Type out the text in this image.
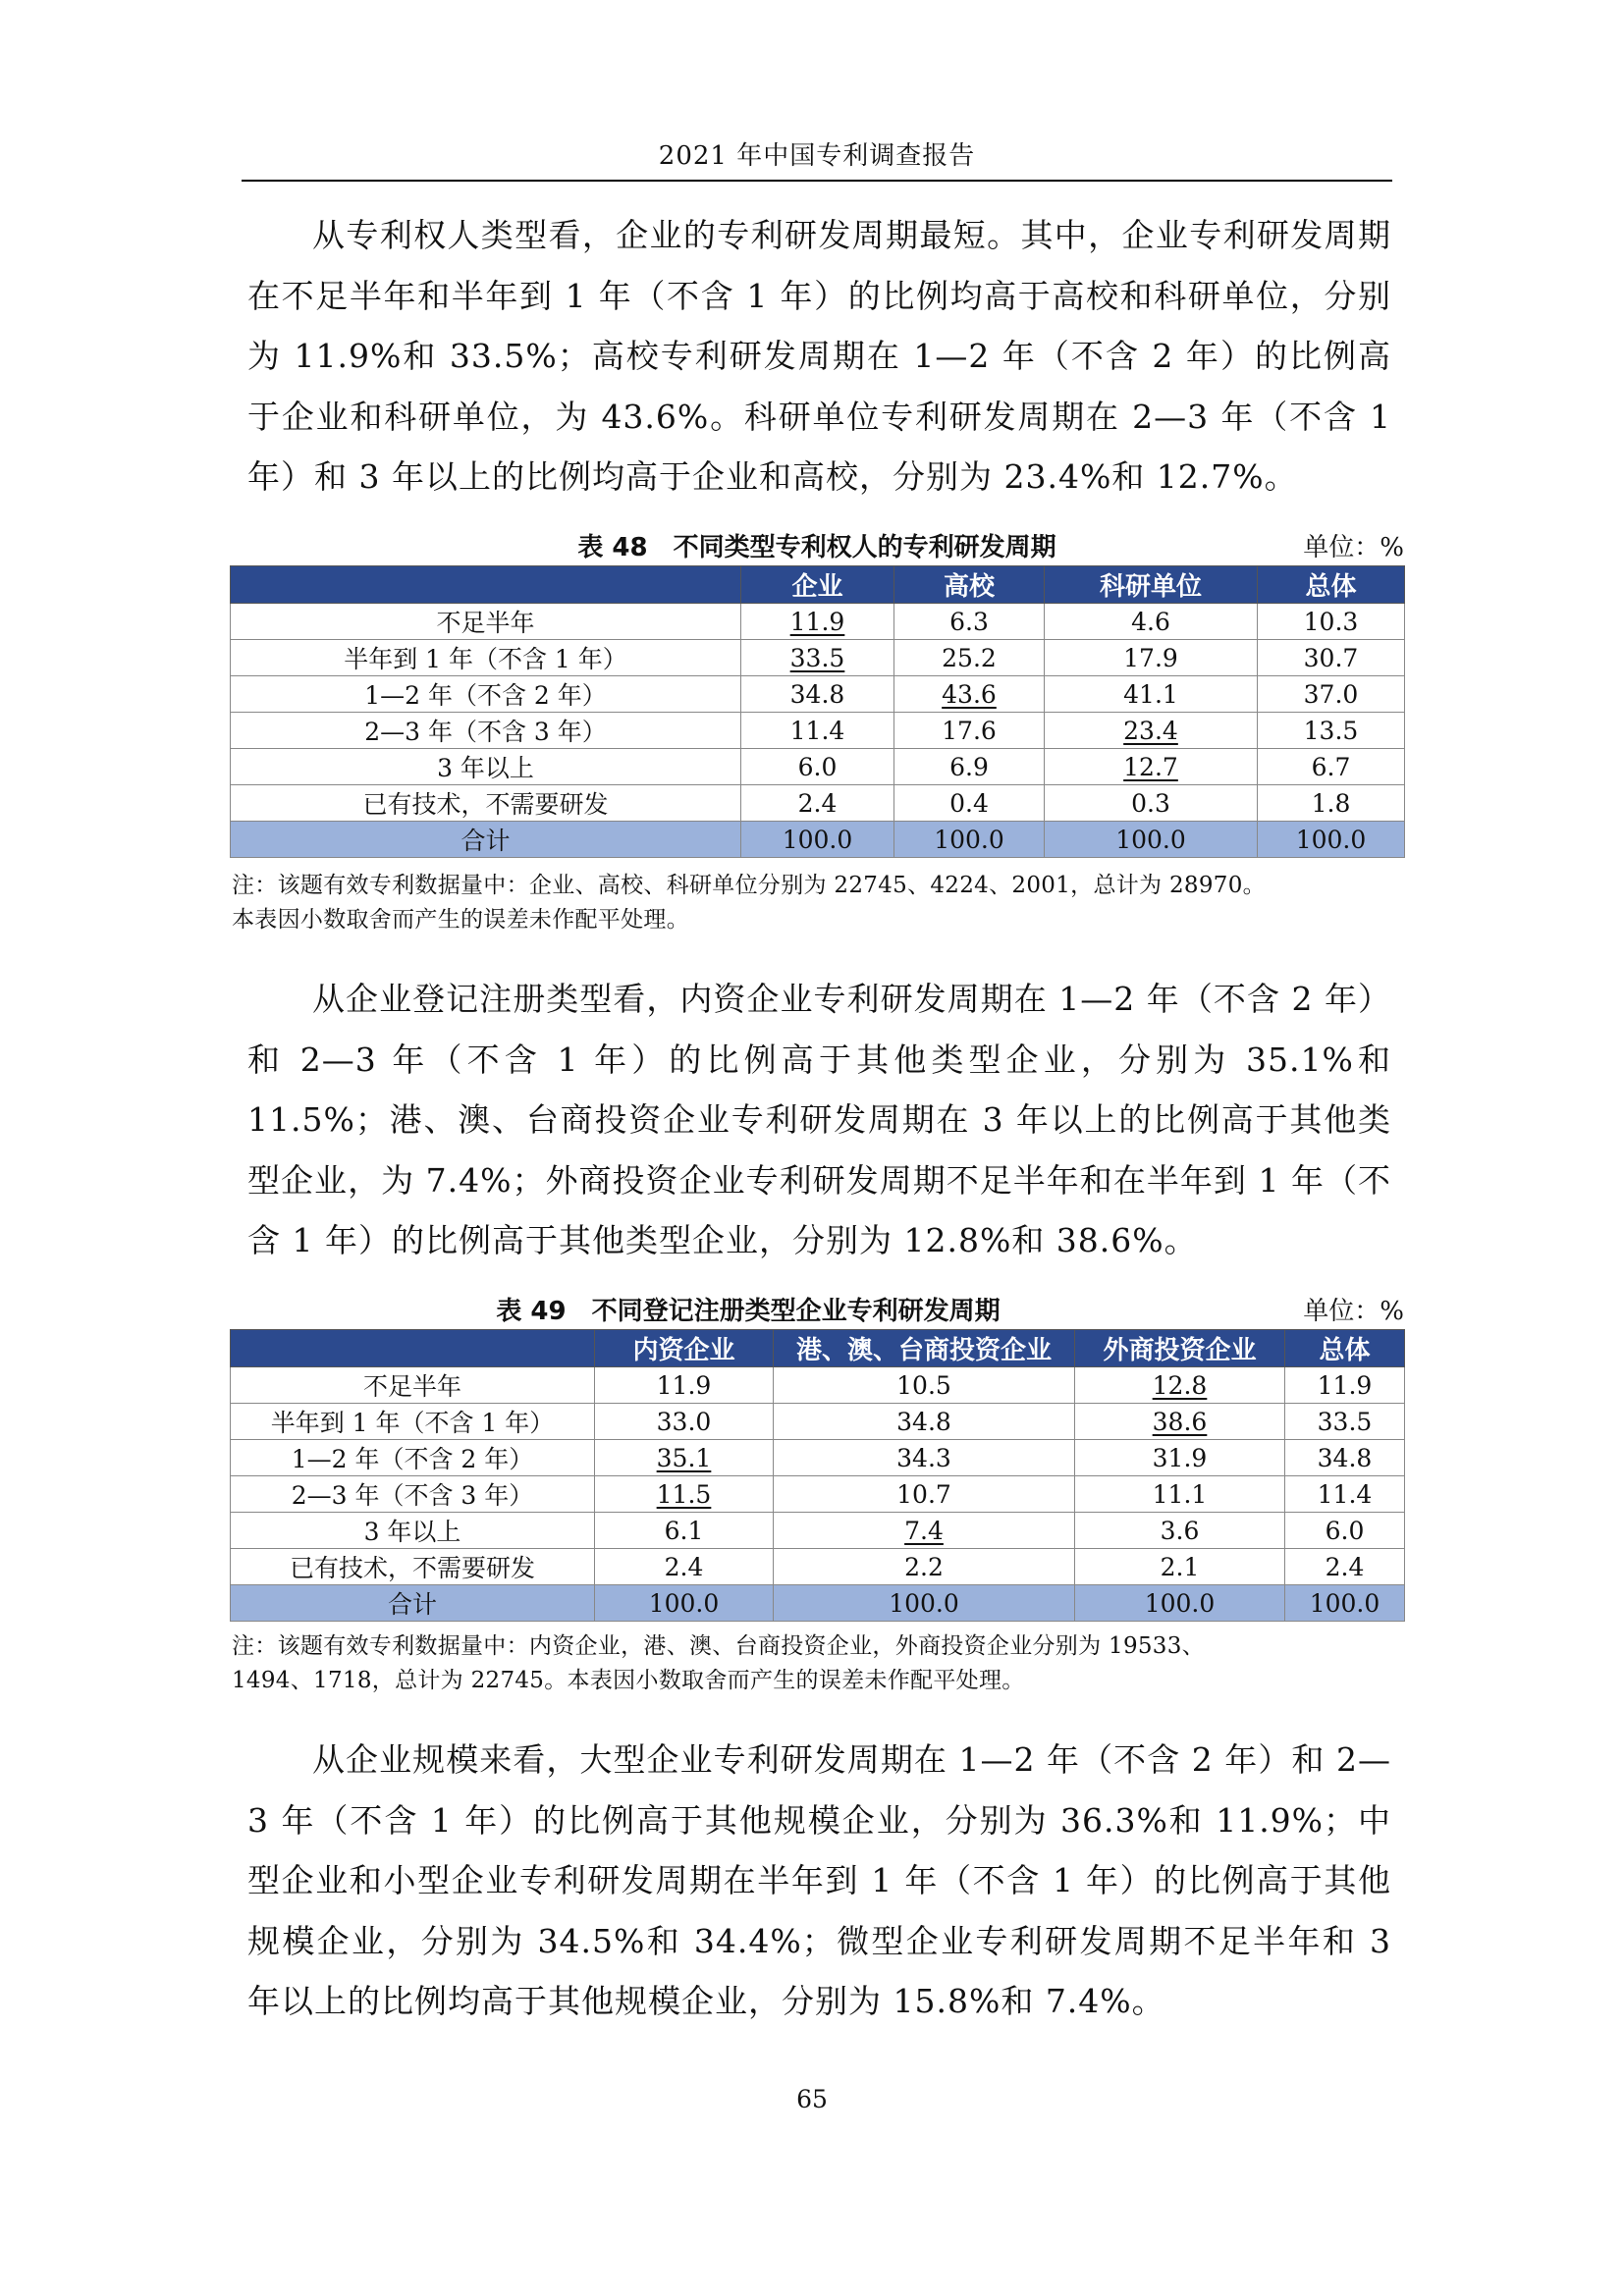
2021 年中国专利调查报告

从专利权人类型看，企业的专利研发周期最短。其中，企业专利研发周期在不足半年和半年到 1 年（不含 1 年）的比例均高于高校和科研单位，分别为 11.9%和 33.5%；高校专利研发周期在 1—2 年（不含 2 年）的比例高于企业和科研单位，为 43.6%。科研单位专利研发周期在 2—3 年（不含 1 年）和 3 年以上的比例均高于企业和高校，分别为 23.4%和 12.7%。

表 48　不同类型专利权人的专利研发周期	单位：%
	企业	高校	科研单位	总体
不足半年	11.9	6.3	4.6	10.3
半年到 1 年（不含 1 年）	33.5	25.2	17.9	30.7
1—2 年（不含 2 年）	34.8	43.6	41.1	37.0
2—3 年（不含 3 年）	11.4	17.6	23.4	13.5
3 年以上	6.0	6.9	12.7	6.7
已有技术，不需要研发	2.4	0.4	0.3	1.8
合计	100.0	100.0	100.0	100.0

注：该题有效专利数据量中：企业、高校、科研单位分别为 22745、4224、2001，总计为 28970。

本表因小数取舍而产生的误差未作配平处理。

从企业登记注册类型看，内资企业专利研发周期在 1—2 年（不含 2 年）和 2—3 年（不含 1 年）的比例高于其他类型企业，分别为 35.1%和 11.5%；港、澳、台商投资企业专利研发周期在 3 年以上的比例高于其他类型企业，为 7.4%；外商投资企业专利研发周期不足半年和在半年到 1 年（不含 1 年）的比例高于其他类型企业，分别为 12.8%和 38.6%。

表 49　不同登记注册类型企业专利研发周期	单位：%
	内资企业	港、澳、台商投资企业	外商投资企业	总体
不足半年	11.9	10.5	12.8	11.9
半年到 1 年（不含 1 年）	33.0	34.8	38.6	33.5
1—2 年（不含 2 年）	35.1	34.3	31.9	34.8
2—3 年（不含 3 年）	11.5	10.7	11.1	11.4
3 年以上	6.1	7.4	3.6	6.0
已有技术，不需要研发	2.4	2.2	2.1	2.4
合计	100.0	100.0	100.0	100.0

注：该题有效专利数据量中：内资企业，港、澳、台商投资企业，外商投资企业分别为 19533、

1494、1718，总计为 22745。本表因小数取舍而产生的误差未作配平处理。

从企业规模来看，大型企业专利研发周期在 1—2 年（不含 2 年）和 2—3 年（不含 1 年）的比例高于其他规模企业，分别为 36.3%和 11.9%；中型企业和小型企业专利研发周期在半年到 1 年（不含 1 年）的比例高于其他规模企业，分别为 34.5%和 34.4%；微型企业专利研发周期不足半年和 3 年以上的比例均高于其他规模企业，分别为 15.8%和 7.4%。

65
